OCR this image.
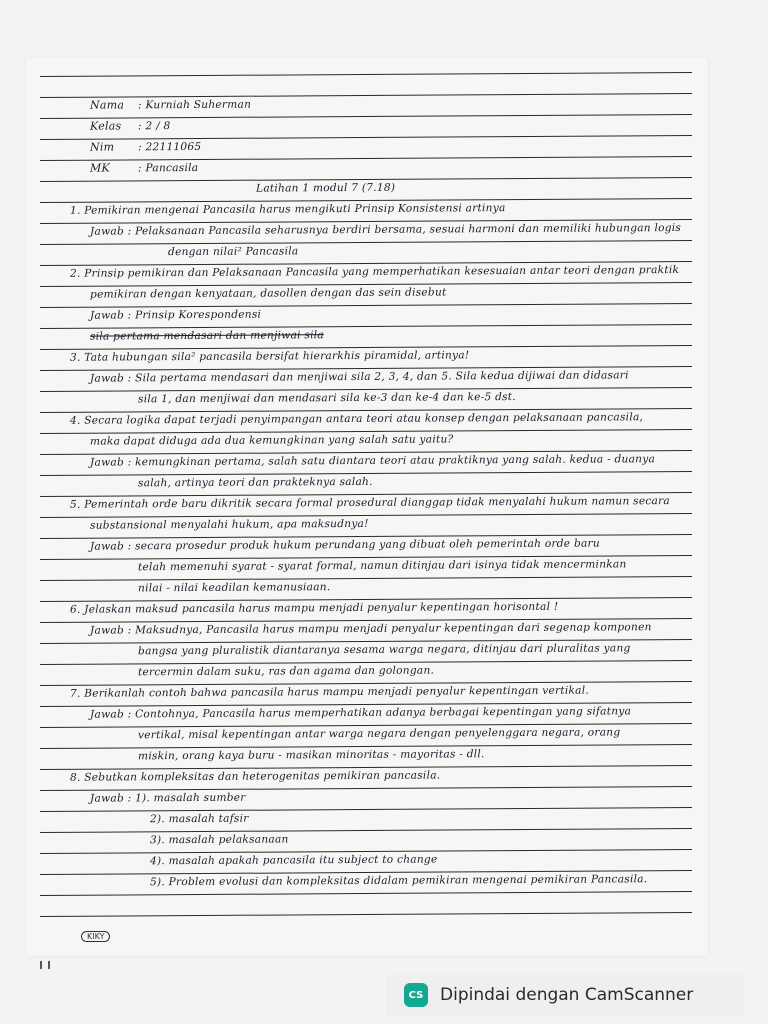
Nama : Kurniah Suherman
Kelas : 2 / 8
Nim : 22111065
MK	: Pancasila
Latihan 1 modul 7 (7.18)
1. Pemikiran mengenai Pancasila harus mengikuti Prinsip Konsistensi artinya
Jawab : Pelaksanaan Pancasila seharusnya berdiri bersama, sesuai harmoni dan memiliki hubungan logis
dengan nilai² Pancasila
2. Prinsip pemikiran dan Pelaksanaan Pancasila yang memperhatikan kesesuaian antar teori dengan praktik
pemikiran dengan kenyataan, dasollen dengan das sein disebut
Jawab : Prinsip Korespondensi
sila pertama mendasari dan menjiwai sila
3. Tata hubungan sila² pancasila bersifat hierarkhis piramidal, artinya!
Jawab : Sila pertama mendasari dan menjiwai sila 2, 3, 4, dan 5. Sila kedua dijiwai dan didasari
sila 1, dan menjiwai dan mendasari sila ke-3 dan ke-4 dan ke-5 dst.
4. Secara logika dapat terjadi penyimpangan antara teori atau konsep dengan pelaksanaan pancasila,
maka dapat diduga ada dua kemungkinan yang salah satu yaitu?
Jawab : kemungkinan pertama, salah satu diantara teori atau praktiknya yang salah. kedua - duanya
salah, artinya teori dan prakteknya salah.
5. Pemerintah orde baru dikritik secara formal prosedural dianggap tidak menyalahi hukum namun secara
substansional menyalahi hukum, apa maksudnya!
Jawab : secara prosedur produk hukum perundang yang dibuat oleh pemerintah orde baru
telah memenuhi syarat - syarat formal, namun ditinjau dari isinya tidak mencerminkan
nilai - nilai keadilan kemanusiaan.
6. Jelaskan maksud pancasila harus mampu menjadi penyalur kepentingan horisontal !
Jawab : Maksudnya, Pancasila harus mampu menjadi penyalur kepentingan dari segenap komponen
bangsa yang pluralistik diantaranya sesama warga negara, ditinjau dari pluralitas yang
tercermin dalam suku, ras dan agama dan golongan.
7. Berikanlah contoh bahwa pancasila harus mampu menjadi penyalur kepentingan vertikal.
Jawab : Contohnya, Pancasila harus memperhatikan adanya berbagai kepentingan yang sifatnya
vertikal, misal kepentingan antar warga negara dengan penyelenggara negara, orang
miskin, orang kaya buru - masikan minoritas - mayoritas - dll.
8. Sebutkan kompleksitas dan heterogenitas pemikiran pancasila.
Jawab : 1). masalah sumber
2). masalah tafsir
3). masalah pelaksanaan
4). masalah apakah pancasila itu subject to change
5). Problem evolusi dan kompleksitas didalam pemikiran mengenai pemikiran Pancasila.
KIKY
CS Dipindai dengan CamScanner
